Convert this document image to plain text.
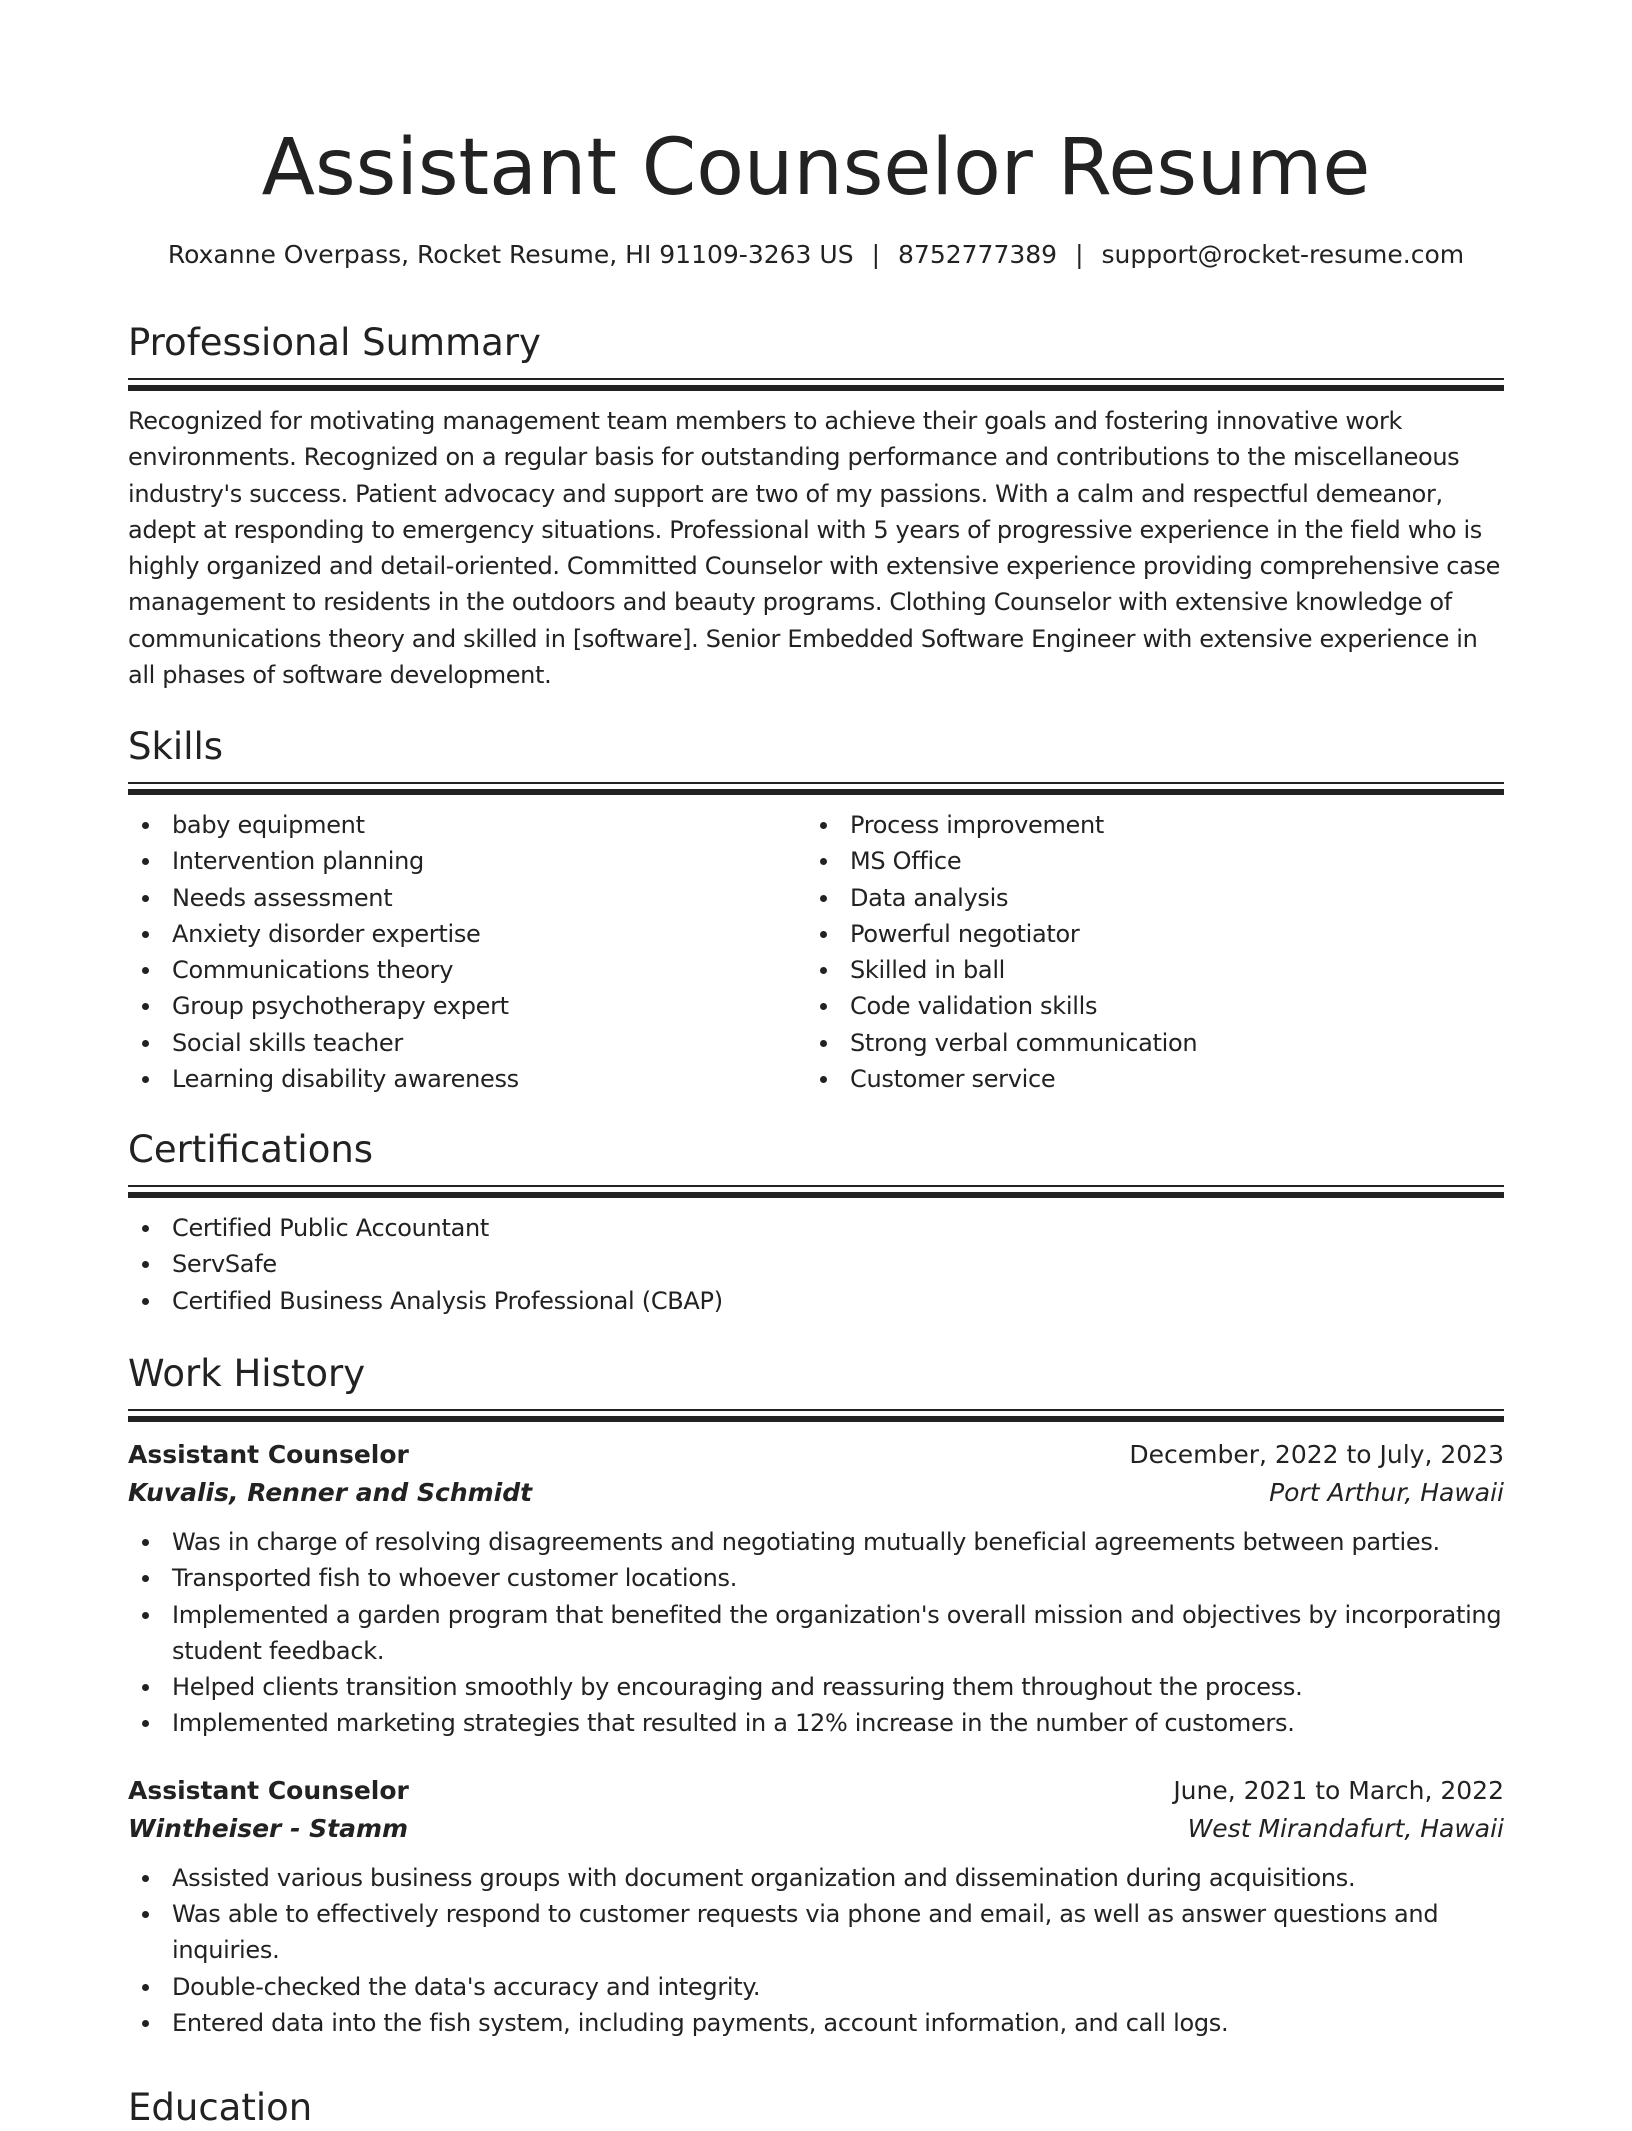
Assistant Counselor Resume
Roxanne Overpass, Rocket Resume, HI 91109-3263 US | 8752777389 | support@rocket-resume.com
Professional Summary
Recognized for motivating management team members to achieve their goals and fostering innovative work environments. Recognized on a regular basis for outstanding performance and contributions to the miscellaneous industry's success. Patient advocacy and support are two of my passions. With a calm and respectful demeanor, adept at responding to emergency situations. Professional with 5 years of progressive experience in the field who is highly organized and detail-oriented. Committed Counselor with extensive experience providing comprehensive case management to residents in the outdoors and beauty programs. Clothing Counselor with extensive knowledge of communications theory and skilled in [software]. Senior Embedded Software Engineer with extensive experience in all phases of software development.
Skills
baby equipment
Intervention planning
Needs assessment
Anxiety disorder expertise
Communications theory
Group psychotherapy expert
Social skills teacher
Learning disability awareness
Process improvement
MS Office
Data analysis
Powerful negotiator
Skilled in ball
Code validation skills
Strong verbal communication
Customer service
Certifications
Certified Public Accountant
ServSafe
Certified Business Analysis Professional (CBAP)
Work History
Assistant Counselor	December, 2022 to July, 2023
Kuvalis, Renner and Schmidt	Port Arthur, Hawaii
Was in charge of resolving disagreements and negotiating mutually beneficial agreements between parties.
Transported fish to whoever customer locations.
Implemented a garden program that benefited the organization's overall mission and objectives by incorporating student feedback.
Helped clients transition smoothly by encouraging and reassuring them throughout the process.
Implemented marketing strategies that resulted in a 12% increase in the number of customers.
Assistant Counselor	June, 2021 to March, 2022
Wintheiser - Stamm	West Mirandafurt, Hawaii
Assisted various business groups with document organization and dissemination during acquisitions.
Was able to effectively respond to customer requests via phone and email, as well as answer questions and inquiries.
Double-checked the data's accuracy and integrity.
Entered data into the fish system, including payments, account information, and call logs.
Education
